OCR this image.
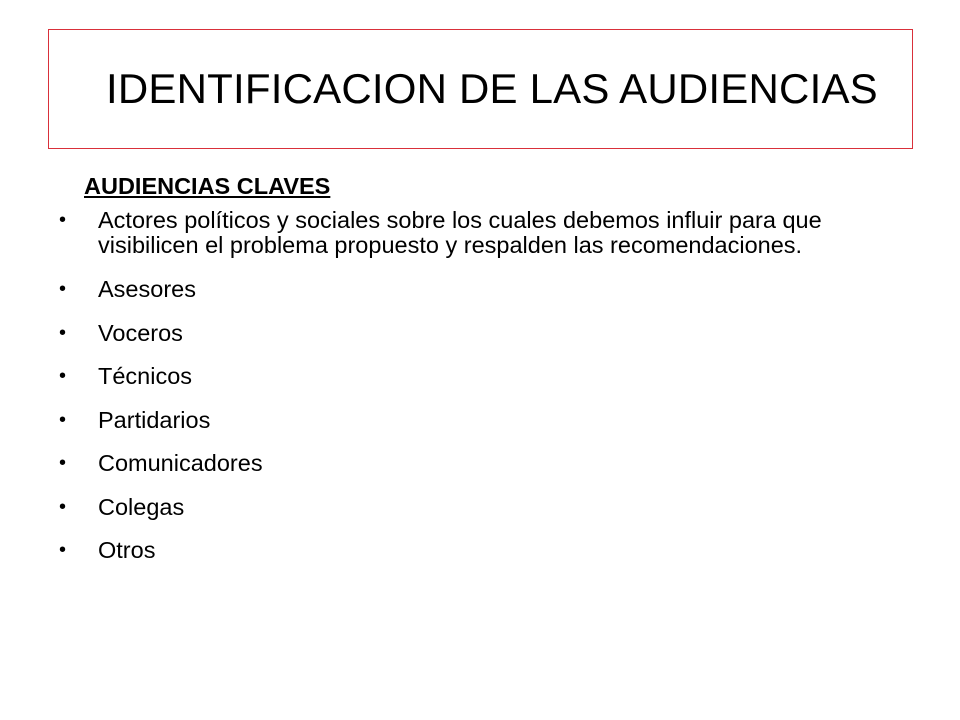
IDENTIFICACION DE LAS AUDIENCIAS
AUDIENCIAS CLAVES
• Actores políticos y sociales sobre los cuales debemos influir para que visibilicen el problema propuesto y respalden las recomendaciones.
• Asesores
• Voceros
• Técnicos
• Partidarios
• Comunicadores
• Colegas
• Otros
